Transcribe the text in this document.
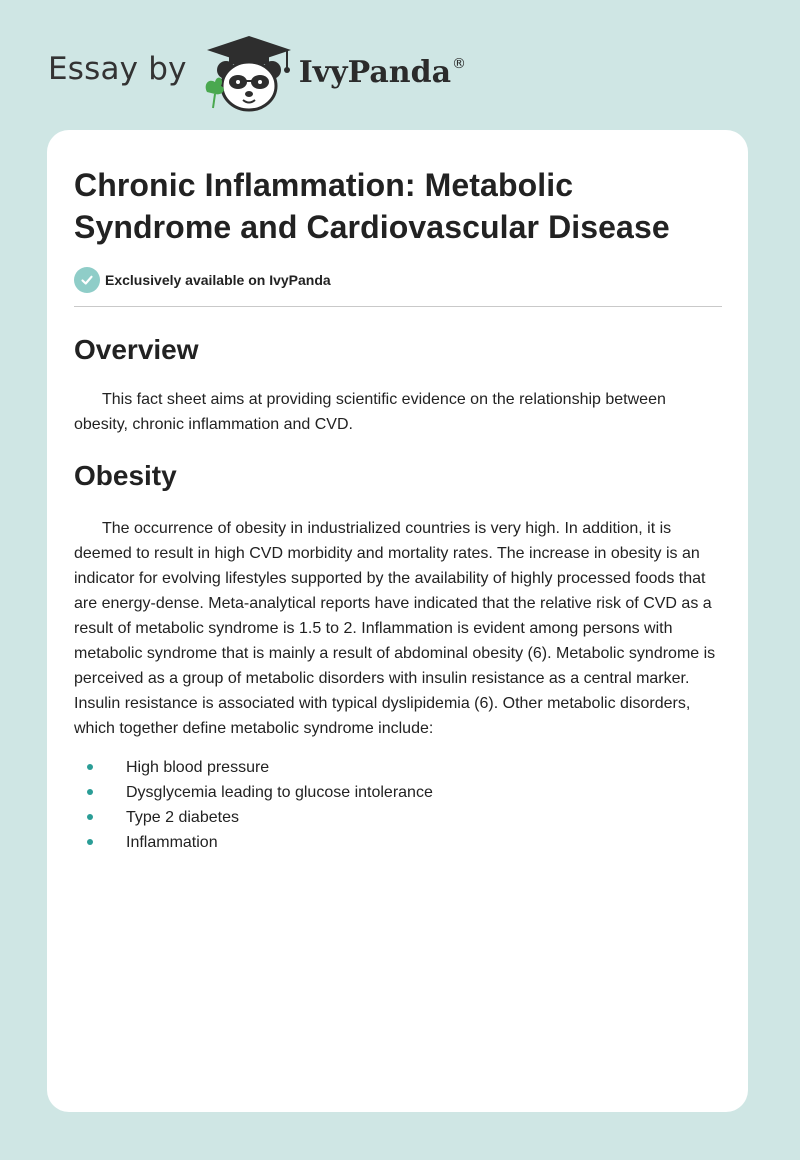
Essay by	IvyPanda®
Chronic Inflammation: Metabolic Syndrome and Cardiovascular Disease
Exclusively available on IvyPanda
Overview

This fact sheet aims at providing scientific evidence on the relationship between obesity, chronic inflammation and CVD.

Obesity

The occurrence of obesity in industrialized countries is very high. In addition, it is deemed to result in high CVD morbidity and mortality rates. The increase in obesity is an indicator for evolving lifestyles supported by the availability of highly processed foods that are energy-dense. Meta-analytical reports have indicated that the relative risk of CVD as a result of metabolic syndrome is 1.5 to 2. Inflammation is evident among persons with metabolic syndrome that is mainly a result of abdominal obesity (6). Metabolic syndrome is perceived as a group of metabolic disorders with insulin resistance as a central marker. Insulin resistance is associated with typical dyslipidemia (6). Other metabolic disorders, which together define metabolic syndrome include:

High blood pressure
Dysglycemia leading to glucose intolerance
Type 2 diabetes
Inflammation
